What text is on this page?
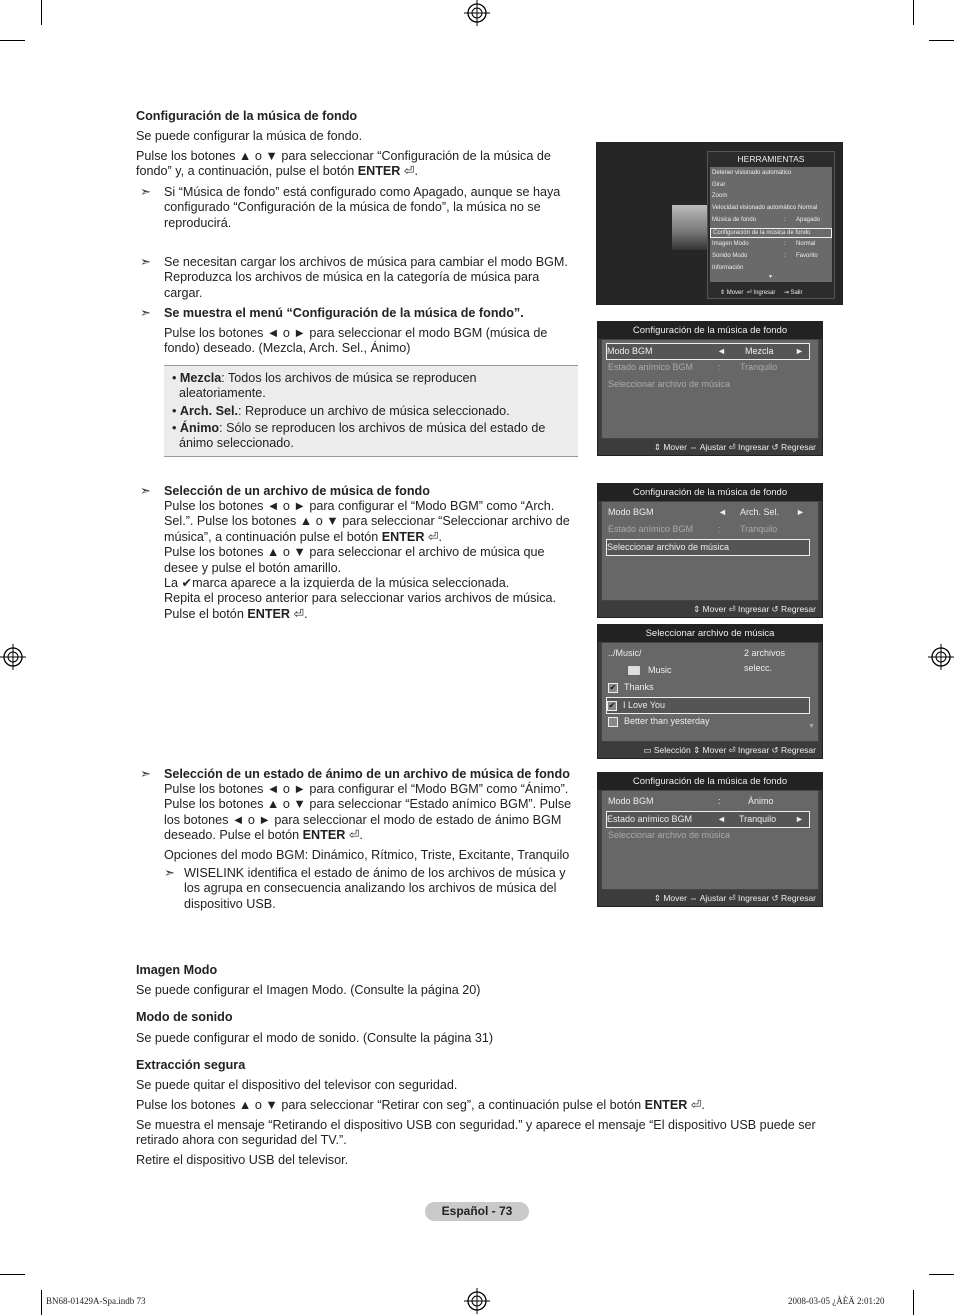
Configuración de la música de fondo

Se puede configurar la música de fondo.

Pulse los botones ▲ o ▼ para seleccionar “Configuración de la música de

fondo” y, a continuación, pulse el botón ENTER ⏎.

➣ Si “Música de fondo” está configurado como Apagado, aunque se haya
configurado “Configuración de la música de fondo”, la música no se
reproducirá.

➣ Se necesitan cargar los archivos de música para cambiar el modo BGM.
Reproduzca los archivos de música en la categoría de música para
cargar.

➣ Se muestra el menú “Configuración de la música de fondo”.

Pulse los botones ◄ o ► para seleccionar el modo BGM (música de
fondo) deseado. (Mezcla, Arch. Sel., Ánimo)

• Mezcla: Todos los archivos de música se reproducen
aleatoriamente.
• Arch. Sel.: Reproduce un archivo de música seleccionado.
• Ánimo: Sólo se reproducen los archivos de música del estado de
ánimo seleccionado.
➣ Selección de un archivo de música de fondo

Pulse los botones ◄ o ► para configurar el “Modo BGM” como “Arch.
Sel.”. Pulse los botones ▲ o ▼ para seleccionar “Seleccionar archivo de
música”, a continuación pulse el botón ENTER ⏎.
Pulse los botones ▲ o ▼ para seleccionar el archivo de música que
desee y pulse el botón amarillo.
La ✔marca aparece a la izquierda de la música seleccionada.
Repita el proceso anterior para seleccionar varios archivos de música.
Pulse el botón ENTER ⏎.

➣ Selección de un estado de ánimo de un archivo de música de fondo

Pulse los botones ◄ o ► para configurar el “Modo BGM” como “Ánimo”.
Pulse los botones ▲ o ▼ para seleccionar “Estado anímico BGM”. Pulse
los botones ◄ o ► para seleccionar el modo de estado de ánimo BGM
deseado. Pulse el botón ENTER ⏎.

Opciones del modo BGM: Dinámico, Rítmico, Triste, Excitante, Tranquilo

➣ WISELINK identifica el estado de ánimo de los archivos de música y
los agrupa en consecuencia analizando los archivos de música del
dispositivo USB.

Imagen Modo

Se puede configurar el Imagen Modo. (Consulte la página 20)

Modo de sonido

Se puede configurar el modo de sonido. (Consulte la página 31)

Extracción segura

Se puede quitar el dispositivo del televisor con seguridad.

Pulse los botones ▲ o ▼ para seleccionar “Retirar con seg”, a continuación pulse el botón ENTER ⏎.

Se muestra el mensaje “Retirando el dispositivo USB con seguridad.” y aparece el mensaje “El dispositivo USB puede ser
retirado ahora con seguridad del TV.”.

Retire el dispositivo USB del televisor.

HERRAMIENTAS
Detener visionado automático
Girar
Zoom
Velocidad visionado automático :
Normal
Música de fondo	: Apagado
Configuración de la música de fondo
Imagen Modo	: Normal
Sonido Modo	: Favorito
Información
▼
⇕ Mover  ⏎ Ingresar     ⇥ Salir
Configuración de la música de fondo
Modo BGM	◄ Mezcla ►
Estado anímico BGM	: Tranquilo
Seleccionar archivo de música
⇕ Mover ⇔ Ajustar ⏎ Ingresar ↺ Regresar
Configuración de la música de fondo
Modo BGM	◄ Arch. Sel. ►
Estado anímico BGM	: Tranquilo
Seleccionar archivo de música
⇕ Mover ⏎ Ingresar ↺ Regresar
Seleccionar archivo de música
../Music/	2 archivos selecc.
Music
✔ Thanks
✔ I Love You
Better than yesterday
▼
▭ Selección ⇕ Mover ⏎ Ingresar ↺ Regresar
Configuración de la música de fondo
Modo BGM	:	Ánimo
Estado anímico BGM	◄ Tranquilo ►
Seleccionar archivo de música
⇕ Mover ⇔ Ajustar ⏎ Ingresar ↺ Regresar
Español - 73
BN68-01429A-Spa.indb 73	2008-03-05 ¿ÀÈÄ 2:01:20
